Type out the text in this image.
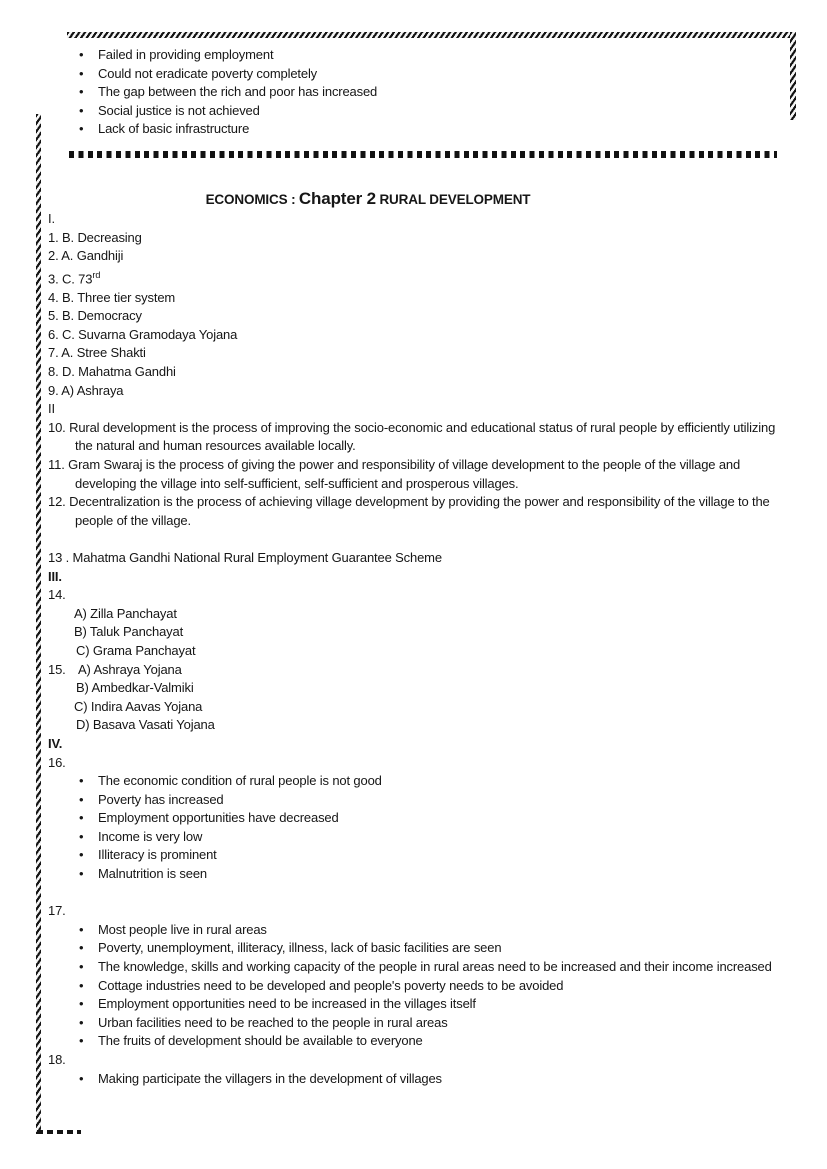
• Failed in providing employment
• Could not eradicate poverty completely
• The gap between the rich and poor has increased
• Social justice is not achieved
• Lack of basic infrastructure
ECONOMICS : Chapter 2 RURAL DEVELOPMENT
I.
1. B. Decreasing
2. A. Gandhiji
3. C. 73rd
4. B. Three tier system
5. B. Democracy
6. C. Suvarna Gramodaya Yojana
7. A. Stree Shakti
8. D. Mahatma Gandhi
9. A) Ashraya
II
10. Rural development is the process of improving the socio-economic and educational status of rural people by efficiently utilizing the natural and human resources available locally.
11. Gram Swaraj is the process of giving the power and responsibility of village development to the people of the village and developing the village into self-sufficient, self-sufficient and prosperous villages.
12. Decentralization is the process of achieving village development by providing the power and responsibility of the village to the people of the village.
13 . Mahatma Gandhi National Rural Employment Guarantee Scheme
III.
14.
A) Zilla Panchayat
B) Taluk Panchayat
C) Grama Panchayat
15. A) Ashraya Yojana
B) Ambedkar-Valmiki
C) Indira Aavas Yojana
D) Basava Vasati Yojana
IV.
16.
• The economic condition of rural people is not good
• Poverty has increased
• Employment opportunities have decreased
• Income is very low
• Illiteracy is prominent
• Malnutrition is seen
17.
• Most people live in rural areas
• Poverty, unemployment, illiteracy, illness, lack of basic facilities are seen
• The knowledge, skills and working capacity of the people in rural areas need to be increased and their income increased
• Cottage industries need to be developed and people's poverty needs to be avoided
• Employment opportunities need to be increased in the villages itself
• Urban facilities need to be reached to the people in rural areas
• The fruits of development should be available to everyone
18.
• Making participate the villagers in the development of villages
